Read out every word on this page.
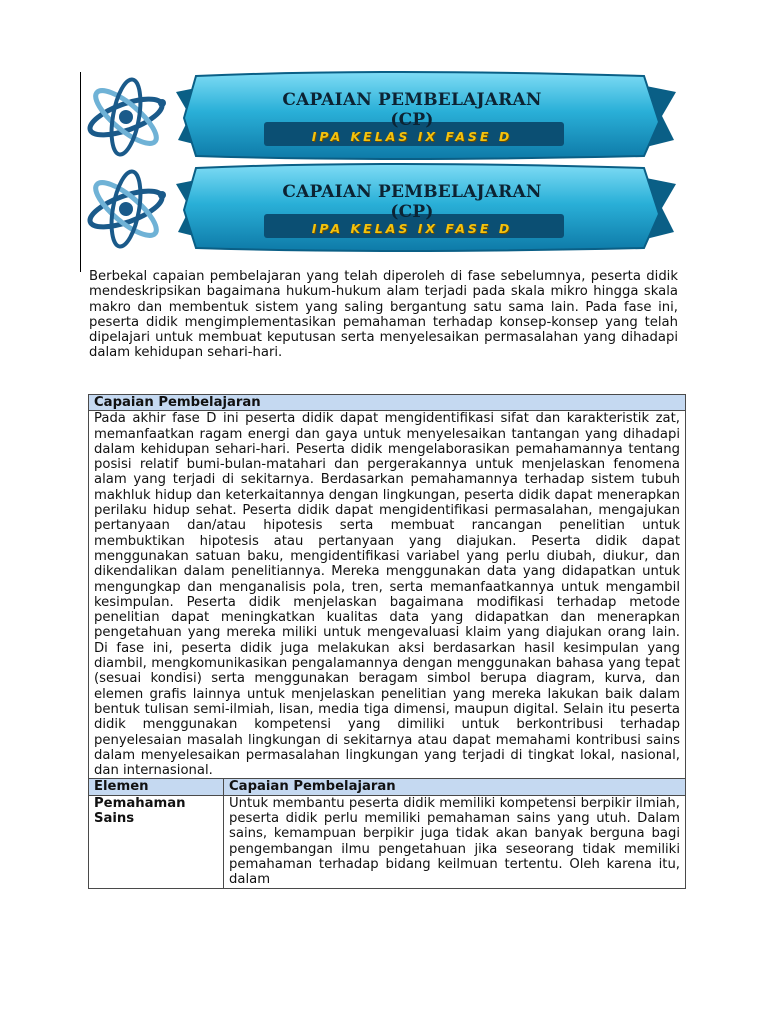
CAPAIAN PEMBELAJARAN (CP)
IPA KELAS IX FASE D
CAPAIAN PEMBELAJARAN (CP)
IPA KELAS IX FASE D

Berbekal capaian pembelajaran yang telah diperoleh di fase sebelumnya, peserta didik mendeskripsikan bagaimana hukum-hukum alam terjadi pada skala mikro hingga skala makro dan membentuk sistem yang saling bergantung satu sama lain. Pada fase ini, peserta didik mengimplementasikan pemahaman terhadap konsep-konsep yang telah dipelajari untuk membuat keputusan serta menyelesaikan permasalahan yang dihadapi dalam kehidupan sehari-hari.

Capaian Pembelajaran	
Pada akhir fase D ini peserta didik dapat mengidentifikasi sifat dan karakteristik zat, memanfaatkan ragam energi dan gaya untuk menyelesaikan tantangan yang dihadapi dalam kehidupan sehari-hari. Peserta didik mengelaborasikan pemahamannya tentang posisi relatif bumi-bulan-matahari dan pergerakannya untuk menjelaskan fenomena alam yang terjadi di sekitarnya. Berdasarkan pemahamannya terhadap sistem tubuh makhluk hidup dan keterkaitannya dengan lingkungan, peserta didik dapat menerapkan perilaku hidup sehat. Peserta didik dapat mengidentifikasi permasalahan, mengajukan pertanyaan dan/atau hipotesis serta membuat rancangan penelitian untuk membuktikan hipotesis atau pertanyaan yang diajukan. Peserta didik dapat menggunakan satuan baku, mengidentifikasi variabel yang perlu diubah, diukur, dan dikendalikan dalam penelitiannya. Mereka menggunakan data yang didapatkan untuk mengungkap dan menganalisis pola, tren, serta memanfaatkannya untuk mengambil kesimpulan. Peserta didik menjelaskan bagaimana modifikasi terhadap metode penelitian dapat meningkatkan kualitas data yang didapatkan dan menerapkan pengetahuan yang mereka miliki untuk mengevaluasi klaim yang diajukan orang lain. Di fase ini, peserta didik juga melakukan aksi berdasarkan hasil kesimpulan yang diambil, mengkomunikasikan pengalamannya dengan menggunakan bahasa yang tepat (sesuai kondisi) serta menggunakan beragam simbol berupa diagram, kurva, dan elemen grafis lainnya untuk menjelaskan penelitian yang mereka lakukan baik dalam bentuk tulisan semi-ilmiah, lisan, media tiga dimensi, maupun digital. Selain itu peserta didik menggunakan kompetensi yang dimiliki untuk berkontribusi terhadap penyelesaian masalah lingkungan di sekitarnya atau dapat memahami kontribusi sains dalam menyelesaikan permasalahan lingkungan yang terjadi di tingkat lokal, nasional, dan internasional.	
Elemen	Capaian Pembelajaran
Pemahaman Sains	Untuk membantu peserta didik memiliki kompetensi berpikir ilmiah, peserta didik perlu memiliki pemahaman sains yang utuh. Dalam sains, kemampuan berpikir juga tidak akan banyak berguna bagi pengembangan ilmu pengetahuan jika seseorang tidak memiliki pemahaman terhadap bidang keilmuan tertentu. Oleh karena itu, dalam
